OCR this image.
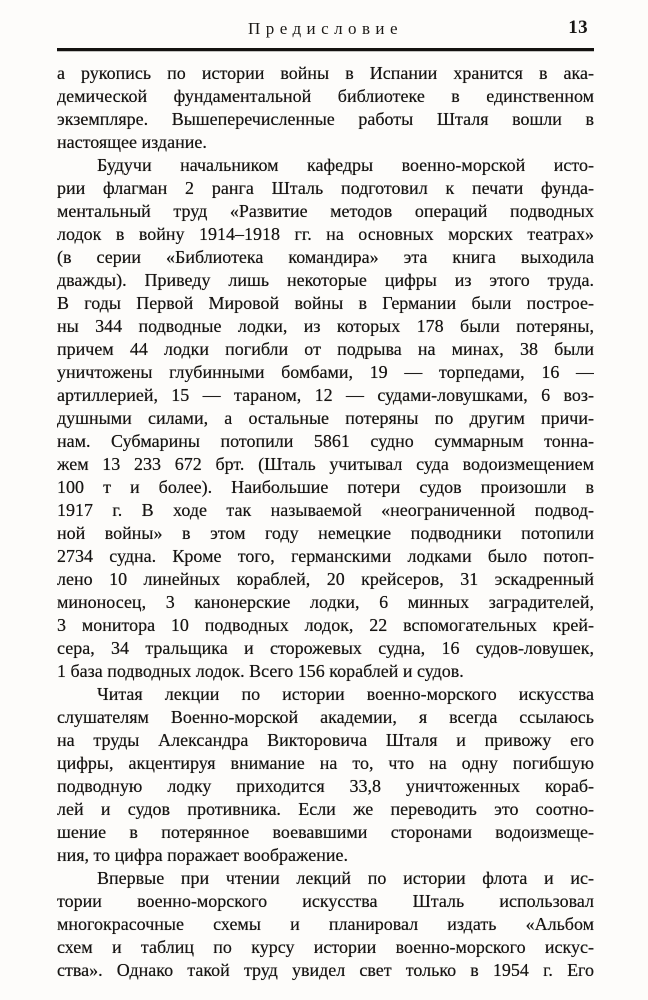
Предисловие	13
а рукопись по истории войны в Испании хранится в ака-
демической фундаментальной библиотеке в единственном
экземпляре. Вышеперечисленные работы Шталя вошли в
настоящее издание.
Будучи начальником кафедры военно-морской исто-
рии флагман 2 ранга Шталь подготовил к печати фунда-
ментальный труд «Развитие методов операций подводных
лодок в войну 1914–1918 гг. на основных морских театрах»
(в серии «Библиотека командира» эта книга выходила
дважды). Приведу лишь некоторые цифры из этого труда.
В годы Первой Мировой войны в Германии были построе-
ны 344 подводные лодки, из которых 178 были потеряны,
причем 44 лодки погибли от подрыва на минах, 38 были
уничтожены глубинными бомбами, 19 — торпедами, 16 —
артиллерией, 15 — тараном, 12 — судами-ловушками, 6 воз-
душными силами, а остальные потеряны по другим причи-
нам. Субмарины потопили 5861 судно суммарным тонна-
жем 13 233 672 брт. (Шталь учитывал суда водоизмещением
100 т и более). Наибольшие потери судов произошли в
1917 г. В ходе так называемой «неограниченной подвод-
ной войны» в этом году немецкие подводники потопили
2734 судна. Кроме того, германскими лодками было потоп-
лено 10 линейных кораблей, 20 крейсеров, 31 эскадренный
миноносец, 3 канонерские лодки, 6 минных заградителей,
3 монитора 10 подводных лодок, 22 вспомогательных крей-
сера, 34 тральщика и сторожевых судна, 16 судов-ловушек,
1 база подводных лодок. Всего 156 кораблей и судов.
Читая лекции по истории военно-морского искусства
слушателям Военно-морской академии, я всегда ссылаюсь
на труды Александра Викторовича Шталя и привожу его
цифры, акцентируя внимание на то, что на одну погибшую
подводную лодку приходится 33,8 уничтоженных кораб-
лей и судов противника. Если же переводить это соотно-
шение в потерянное воевавшими сторонами водоизмеще-
ния, то цифра поражает воображение.
Впервые при чтении лекций по истории флота и ис-
тории военно-морского искусства Шталь использовал
многокрасочные схемы и планировал издать «Альбом
схем и таблиц по курсу истории военно-морского искус-
ства». Однако такой труд увидел свет только в 1954 г. Его
